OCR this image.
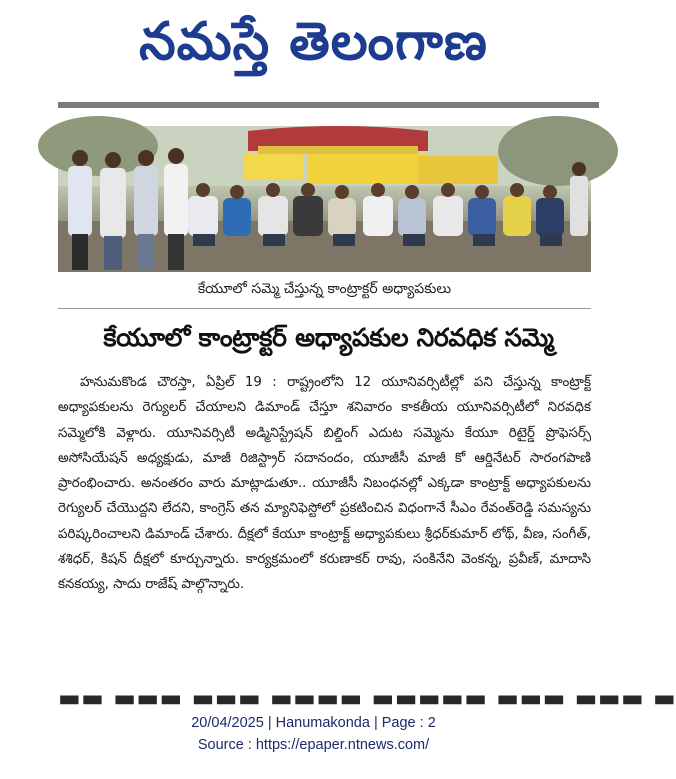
నమస్తే తెలంగాణ
కేయూలో సమ్మె చేస్తున్న కాంట్రాక్టర్ అధ్యాపకులు
కేయూలో కాంట్రాక్టర్ అధ్యాపకుల నిరవధిక సమ్మె

హనుమకొండ చౌరస్తా, ఏప్రిల్ 19 : రాష్ట్రంలోని 12 యూనివర్సిటీల్లో పని చేస్తున్న కాంట్రాక్ట్ అధ్యాపకులను రెగ్యులర్ చేయాలని డిమాండ్ చేస్తూ శనివారం కాకతీయ యూనివర్సిటీలో నిరవధిక సమ్మెలోకి వెళ్లారు. యూనివర్సిటీ అడ్మినిస్ట్రేషన్ బిల్డింగ్ ఎదుట సమ్మెను కేయూ రిటైర్డ్ ప్రొఫెసర్స్ అసోసియేషన్ అధ్యక్షుడు, మాజీ రిజిస్ట్రార్ సదానందం, యూజీసీ మాజీ కో ఆర్డినేటర్ సారంగపాణి ప్రారంభించారు. అనంతరం వారు మాట్లాడుతూ.. యూజీసీ నిబంధనల్లో ఎక్కడా కాంట్రాక్ట్ అధ్యాపకులను రెగ్యులర్ చేయొద్దని లేదని, కాంగ్రెస్ తన మ్యానిఫెస్టోలో ప్రకటించిన విధంగానే సీఎం రేవంత్‌రెడ్డి సమస్యను పరిష్కరించాలని డిమాండ్ చేశారు. దీక్షలో కేయూ కాంట్రాక్ట్ అధ్యాపకులు శ్రీధర్‌కుమార్ లోథ్, వీణ, సంగీత్, శశిధర్, కిషన్ దీక్షలో కూర్చున్నారు. కార్యక్రమంలో కరుణాకర్ రావు, సంకినేని వెంకన్న, ప్రవీణ్, మాదాసి కనకయ్య, సాదు రాజేష్ పాల్గొన్నారు.

▬▬ ▬▬▬ ▬▬▬ ▬▬▬▬ ▬▬▬▬▬ ▬▬▬ ▬▬▬ ▬
20/04/2025 | Hanumakonda | Page : 2
Source : https://epaper.ntnews.com/
